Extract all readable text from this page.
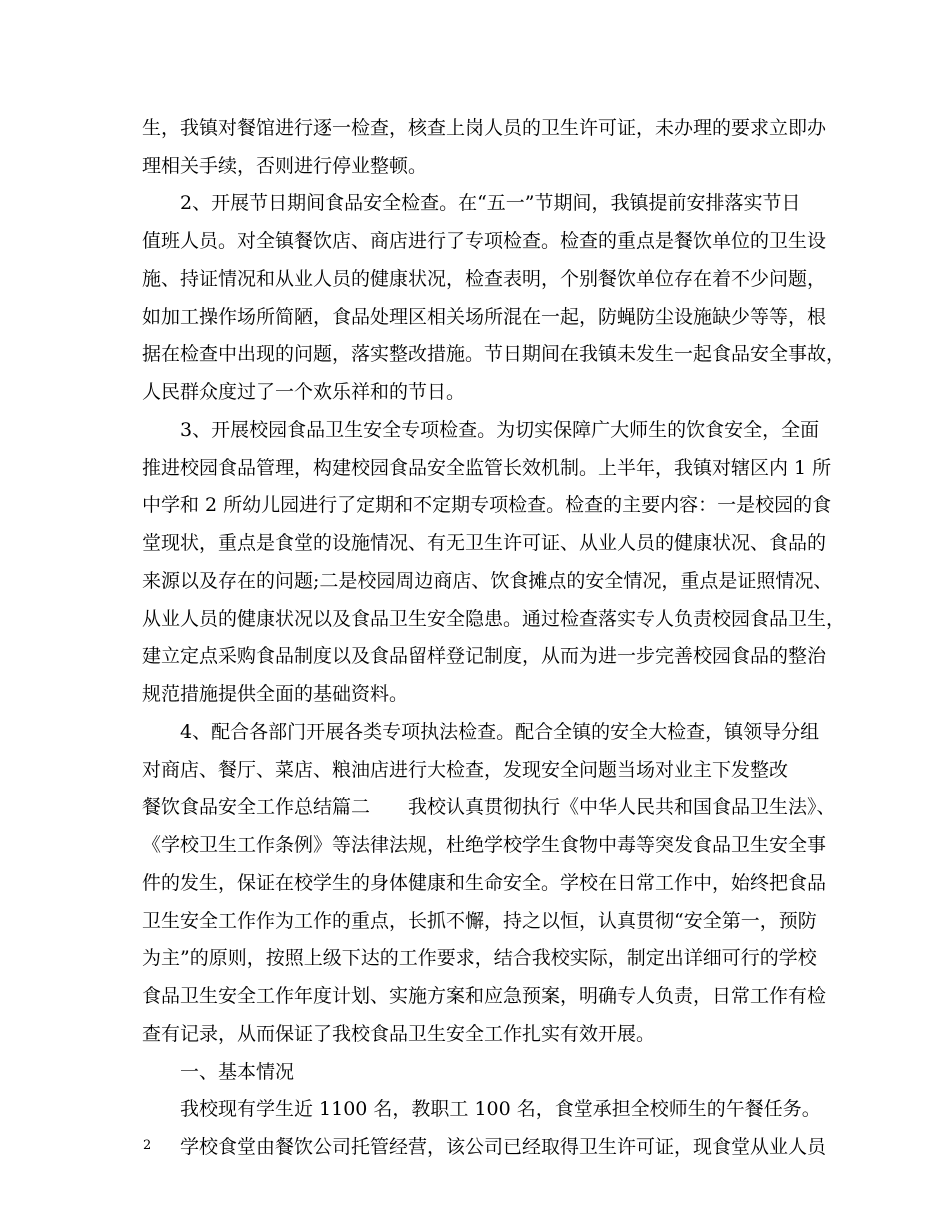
生，我镇对餐馆进行逐一检查，核查上岗人员的卫生许可证，未办理的要求立即办
理相关手续，否则进行停业整顿。
2、开展节日期间食品安全检查。在“五一”节期间，我镇提前安排落实节日
值班人员。对全镇餐饮店、商店进行了专项检查。检查的重点是餐饮单位的卫生设
施、持证情况和从业人员的健康状况，检查表明，个别餐饮单位存在着不少问题，
如加工操作场所简陋，食品处理区相关场所混在一起，防蝇防尘设施缺少等等，根
据在检查中出现的问题，落实整改措施。节日期间在我镇未发生一起食品安全事故，
人民群众度过了一个欢乐祥和的节日。
3、开展校园食品卫生安全专项检查。为切实保障广大师生的饮食安全，全面
推进校园食品管理，构建校园食品安全监管长效机制。上半年，我镇对辖区内 1 所
中学和 2 所幼儿园进行了定期和不定期专项检查。检查的主要内容：一是校园的食
堂现状，重点是食堂的设施情况、有无卫生许可证、从业人员的健康状况、食品的
来源以及存在的问题;二是校园周边商店、饮食摊点的安全情况，重点是证照情况、
从业人员的健康状况以及食品卫生安全隐患。通过检查落实专人负责校园食品卫生，
建立定点采购食品制度以及食品留样登记制度，从而为进一步完善校园食品的整治
规范措施提供全面的基础资料。
4、配合各部门开展各类专项执法检查。配合全镇的安全大检查，镇领导分组
对商店、餐厅、菜店、粮油店进行大检查，发现安全问题当场对业主下发整改
餐饮食品安全工作总结篇二　　我校认真贯彻执行《中华人民共和国食品卫生法》、
《学校卫生工作条例》等法律法规，杜绝学校学生食物中毒等突发食品卫生安全事
件的发生，保证在校学生的身体健康和生命安全。学校在日常工作中，始终把食品
卫生安全工作作为工作的重点，长抓不懈，持之以恒，认真贯彻“安全第一，预防
为主”的原则，按照上级下达的工作要求，结合我校实际，制定出详细可行的学校
食品卫生安全工作年度计划、实施方案和应急预案，明确专人负责，日常工作有检
查有记录，从而保证了我校食品卫生安全工作扎实有效开展。
一、基本情况
我校现有学生近 1100 名，教职工 100 名，食堂承担全校师生的午餐任务。
学校食堂由餐饮公司托管经营，该公司已经取得卫生许可证，现食堂从业人员
2
